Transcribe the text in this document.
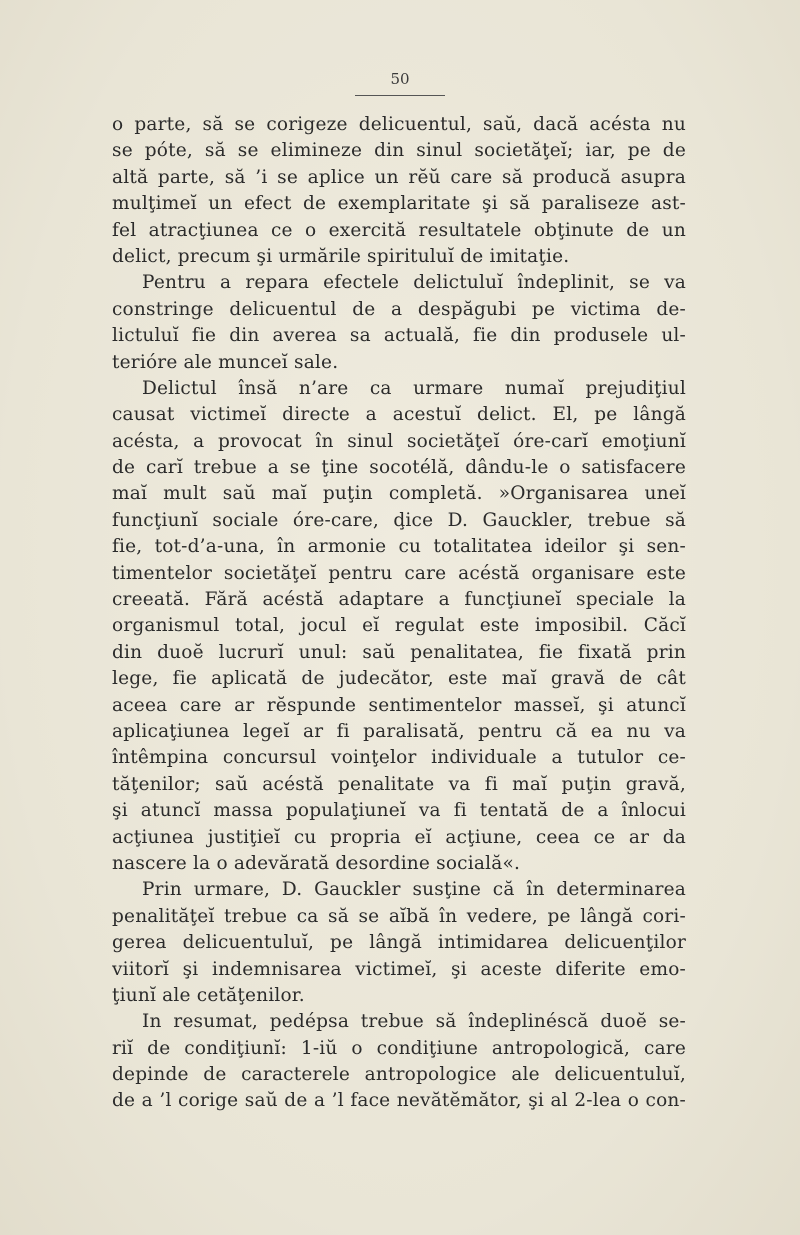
50
o parte, să se corigeze delicuentul, saŭ, dacă acésta nu
se póte, să se elimineze din sinul societăţeĭ; iar, pe de
altă parte, să ’i se aplice un rĕŭ care să producă asupra
mulţimeĭ un efect de exemplaritate şi să paraliseze ast-
fel atracţiunea ce o exercită resultatele obţinute de un
delict, precum şi urmările spirituluĭ de imitaţie.
Pentru a repara efectele delictuluĭ îndeplinit, se va
constringe delicuentul de a despăgubi pe victima de-
lictuluĭ fie din averea sa actuală, fie din produsele ul-
teriόre ale munceĭ sale.
Delictul însă n’are ca urmare numaĭ prejudiţiul
causat victimeĭ directe a acestuĭ delict. El, pe lângă
acésta, a provocat în sinul societăţeĭ óre-carĭ emoţiunĭ
de carĭ trebue a se ţine socotélă, dându-le o satisfacere
maĭ mult saŭ maĭ puţin completă. »Organisarea uneĭ
funcţiunĭ sociale óre-care, ḑice D. Gauckler, trebue să
fie, tot-d’a-una, în armonie cu totalitatea ideilor şi sen-
timentelor societăţeĭ pentru care acéstă organisare este
creeată. Fără acéstă adaptare a funcţiuneĭ speciale la
organismul total, jocul eĭ regulat este imposibil. Căcĭ
din duoĕ lucrurĭ unul: saŭ penalitatea, fie fixată prin
lege, fie aplicată de judecător, este maĭ gravă de cât
aceea care ar rĕspunde sentimentelor masseĭ, şi atuncĭ
aplicaţiunea legeĭ ar fi paralisată, pentru că ea nu va
întêmpina concursul voinţelor individuale a tutulor ce-
tăţenilor; saŭ acéstă penalitate va fi maĭ puţin gravă,
şi atuncĭ massa populaţiuneĭ va fi tentată de a înlocui
acţiunea justiţieĭ cu propria eĭ acţiune, ceea ce ar da
nascere la o adevărată desordine socială«.
Prin urmare, D. Gauckler susţine că în determinarea
penalităţeĭ trebue ca să se aĭbă în vedere, pe lângă cori-
gerea delicuentuluĭ, pe lângă intimidarea delicuenţilor
viitorĭ şi indemnisarea victimeĭ, şi aceste diferite emo-
ţiunĭ ale cetăţenilor.
In resumat, pedépsa trebue să îndeplinéscă duoĕ se-
riĭ de condiţiunĭ: 1-iŭ o condiţiune antropologică, care
depinde de caracterele antropologice ale delicuentuluĭ,
de a ’l corige saŭ de a ’l face nevătĕmător, şi al 2-lea o con-
